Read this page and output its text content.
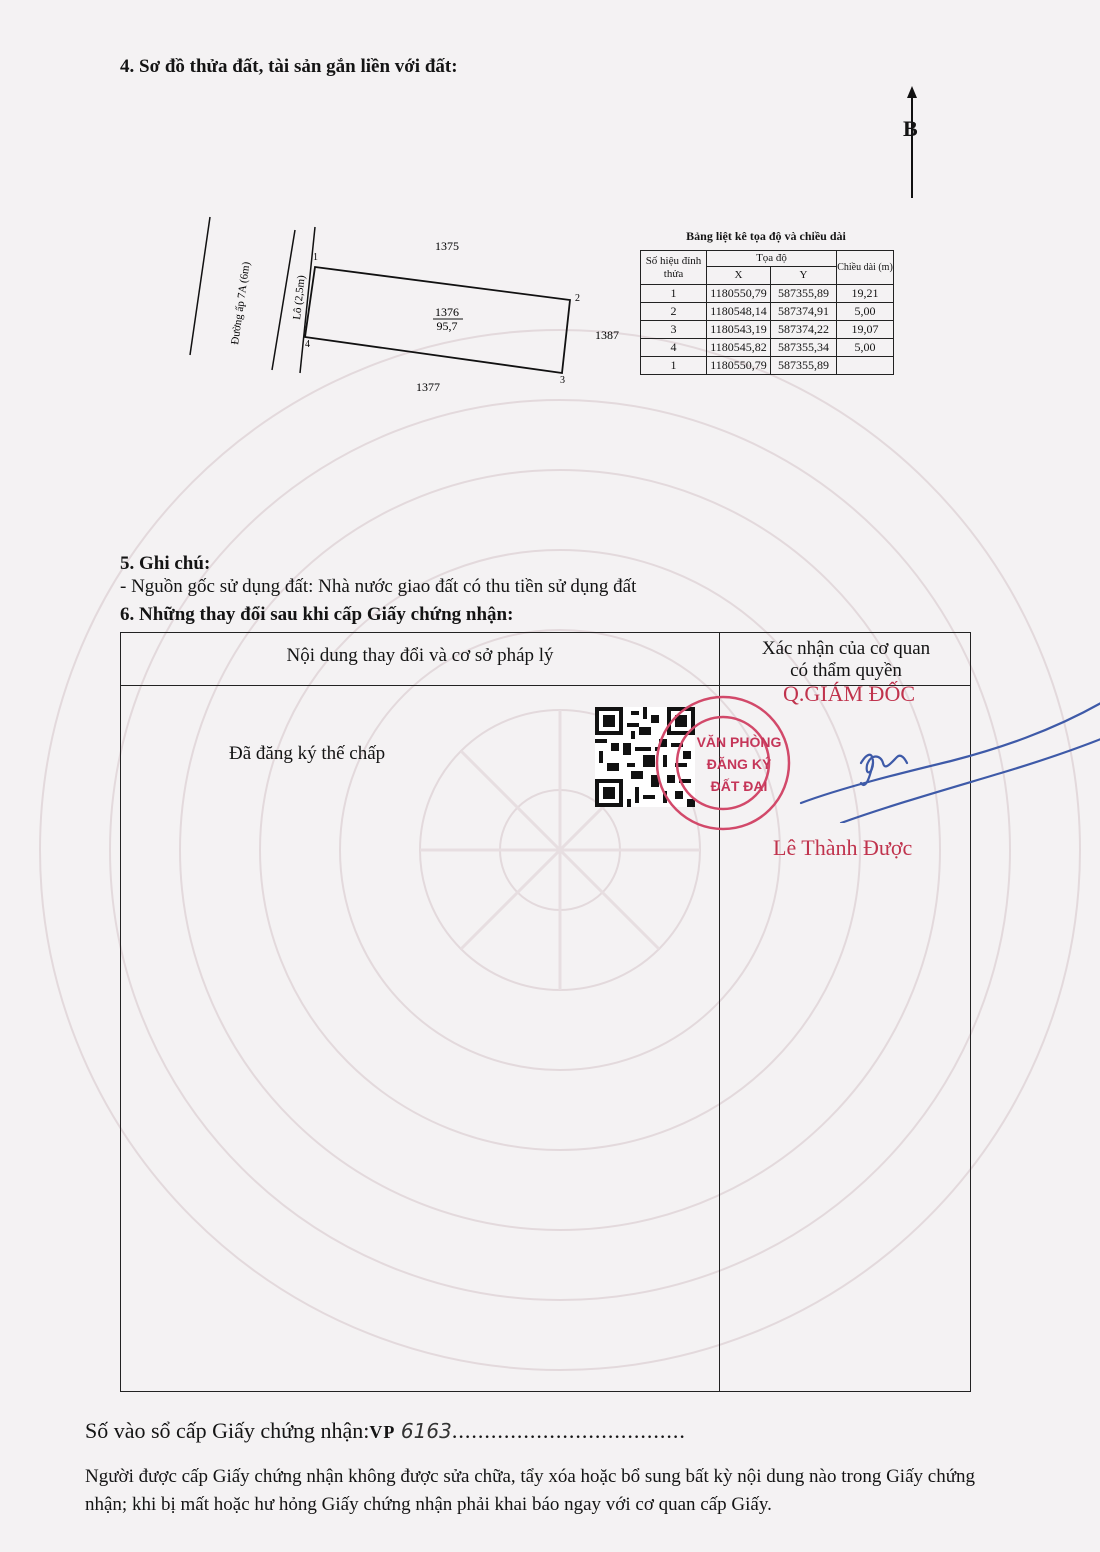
4. Sơ đồ thửa đất, tài sản gắn liền với đất:
B
Đường ấp 7A (6m)	Lô (2,5m)
1
2
3
4
1376
95,7
1375
1377
1387
Bảng liệt kê tọa độ và chiều dài
Số hiệu đỉnh thửa	Tọa độ		Chiều dài (m)
	X	Y	
1	1180550,79	587355,89	19,21
2	1180548,14	587374,91	5,00
3	1180543,19	587374,22	19,07
4	1180545,82	587355,34	5,00
1	1180550,79	587355,89	
5. Ghi chú:
- Nguồn gốc sử dụng đất: Nhà nước giao đất có thu tiền sử dụng đất
6. Những thay đổi sau khi cấp Giấy chứng nhận:
Nội dung thay đổi và cơ sở pháp lý	Xác nhận của cơ quan
có thẩm quyền
Đã đăng ký thế chấp
VĂN PHÒNG
ĐĂNG KÝ
ĐẤT ĐAI
Q.GIÁM ĐỐC
Lê Thành Được
Số vào sổ cấp Giấy chứng nhận:VP 6163....................................
Người được cấp Giấy chứng nhận không được sửa chữa, tẩy xóa hoặc bổ sung bất kỳ nội dung nào trong Giấy chứng nhận; khi bị mất hoặc hư hỏng Giấy chứng nhận phải khai báo ngay với cơ quan cấp Giấy.
